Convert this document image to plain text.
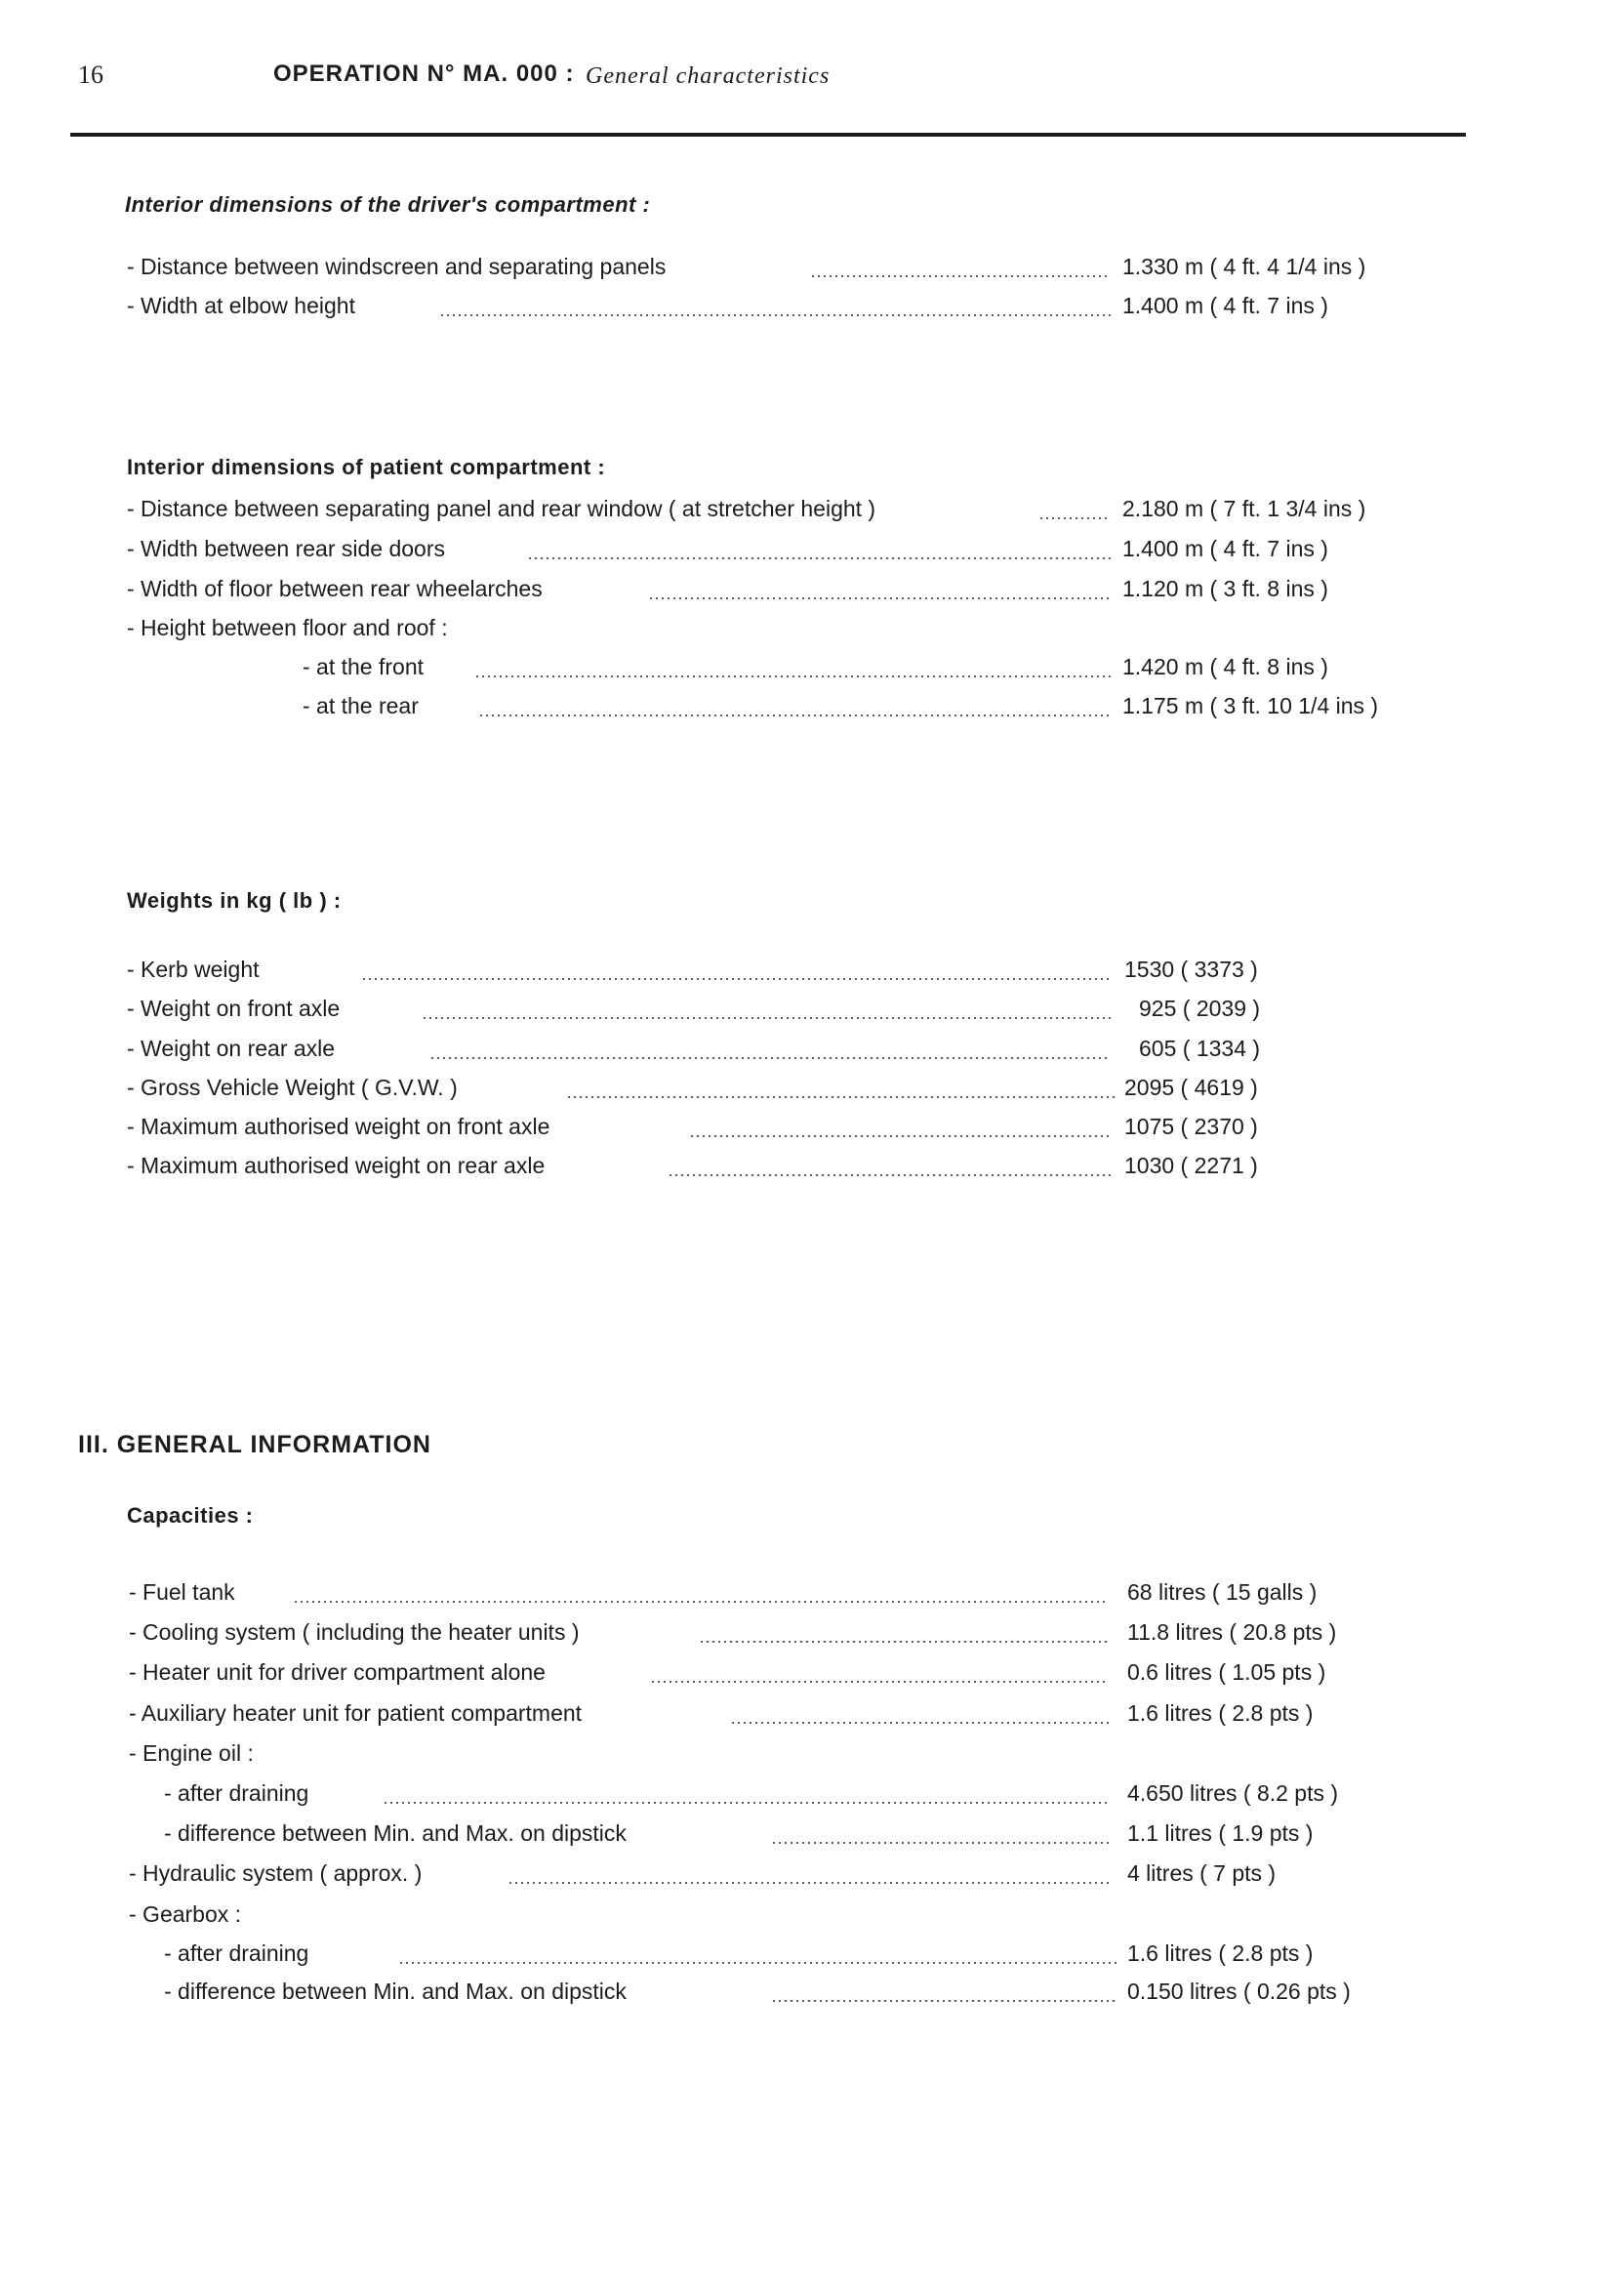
16	OPERATION N° MA. 000 : General characteristics
Interior dimensions of the driver's compartment :
- Distance between windscreen and separating panels	1.330 m ( 4 ft. 4 1/4 ins )
- Width at elbow height	1.400 m ( 4 ft. 7 ins )
Interior dimensions of patient compartment :
- Distance between separating panel and rear window ( at stretcher height )	2.180 m ( 7 ft. 1 3/4 ins )
- Width between rear side doors	1.400 m ( 4 ft. 7 ins )
- Width of floor between rear wheelarches	1.120 m ( 3 ft. 8 ins )
- Height between floor and roof :
- at the front	1.420 m ( 4 ft. 8 ins )
- at the rear	1.175 m ( 3 ft. 10 1/4 ins )
Weights in kg ( lb ) :
- Kerb weight	1530 ( 3373 )
- Weight on front axle	925 ( 2039 )
- Weight on rear axle	605 ( 1334 )
- Gross Vehicle Weight ( G.V.W. )	2095 ( 4619 )
- Maximum authorised weight on front axle	1075 ( 2370 )
- Maximum authorised weight on rear axle	1030 ( 2271 )
III. GENERAL INFORMATION
Capacities :
- Fuel tank	68 litres ( 15 galls )
- Cooling system ( including the heater units )	11.8 litres ( 20.8 pts )
- Heater unit for driver compartment alone	0.6 litres ( 1.05 pts )
- Auxiliary heater unit for patient compartment	1.6 litres ( 2.8 pts )
- Engine oil :
- after draining	4.650 litres ( 8.2 pts )
- difference between Min. and Max. on dipstick	1.1 litres ( 1.9 pts )
- Hydraulic system ( approx. )	4 litres ( 7 pts )
- Gearbox :
- after draining	1.6 litres ( 2.8 pts )
- difference between Min. and Max. on dipstick	0.150 litres ( 0.26 pts )
